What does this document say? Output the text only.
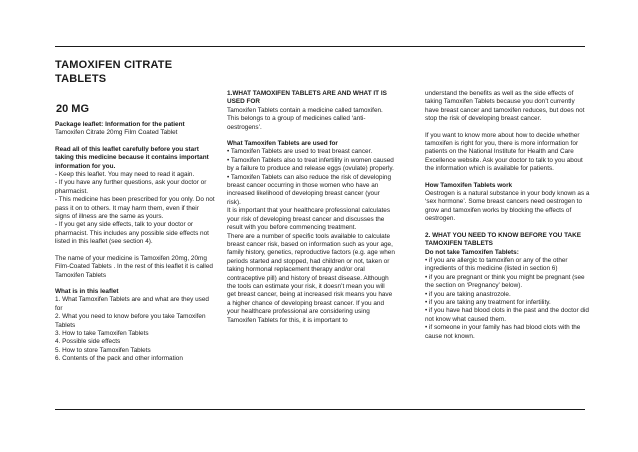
TAMOXIFEN CITRATE
TABLETS
20 MG

Package leaflet: Information for the patient

Tamoxifen Citrate 20mg Film Coated Tablet

Read all of this leaflet carefully before you start taking this medicine because it contains important information for you.

- Keep this leaflet. You may need to read it again.

- If you have any further questions, ask your doctor or pharmacist.

- This medicine has been prescribed for you only. Do not pass it on to others. It may harm them, even if their signs of illness are the same as yours.

- If you get any side effects, talk to your doctor or pharmacist. This includes any possible side effects not listed in this leaflet (see section 4).

The name of your medicine is Tamoxifen 20mg, 20mg Film-Coated Tablets . In the rest of this leaflet it is called Tamoxifen Tablets

What is in this leaflet

1. What Tamoxifen Tablets are and what are they used for

2. What you need to know before you take Tamoxifen Tablets

3. How to take Tamoxifen Tablets

4. Possible side effects

5. How to store Tamoxifen Tablets

6. Contents of the pack and other information

1.WHAT TAMOXIFEN TABLETS ARE AND WHAT IT IS USED FOR

Tamoxifen Tablets contain a medicine called tamoxifen. This belongs to a group of medicines called ‘anti-oestrogens’.

What Tamoxifen Tablets are used for

• Tamoxifen Tablets are used to treat breast cancer.

• Tamoxifen Tablets also to treat infertility in women caused by a failure to produce and release eggs (ovulate) properly.

• Tamoxifen Tablets can also reduce the risk of developing breast cancer occurring in those women who have an increased likelihood of developing breast cancer (your risk).

It is important that your healthcare professional calculates your risk of developing breast cancer and discusses the result with you before commencing treatment.

There are a number of specific tools available to calculate breast cancer risk, based on information such as your age, family history, genetics, reproductive factors (e.g. age when periods started and stopped, had children or not, taken or taking hormonal replacement therapy and/or oral contraceptive pill) and history of breast disease. Although the tools can estimate your risk, it doesn’t mean you will get breast cancer, being at increased risk means you have a higher chance of developing breast cancer. If you and your healthcare professional are considering using Tamoxifen Tablets for this, it is important to

understand the benefits as well as the side effects of taking Tamoxifen Tablets because you don’t currently have breast cancer and tamoxifen reduces, but does not stop the risk of developing breast cancer.

If you want to know more about how to decide whether tamoxifen is right for you, there is more information for patients on the National Institute for Health and Care Excellence website. Ask your doctor to talk to you about the information which is available for patients.

How Tamoxifen Tablets work

Oestrogen is a natural substance in your body known as a ‘sex hormone’. Some breast cancers need oestrogen to grow and tamoxifen works by blocking the effects of oestrogen.

2. WHAT YOU NEED TO KNOW BEFORE YOU TAKE TAMOXIFEN TABLETS

Do not take Tamoxifen Tablets:

• if you are allergic to tamoxifen or any of the other ingredients of this medicine (listed in section 6)

• if you are pregnant or think you might be pregnant (see the section on ‘Pregnancy’ below).

• if you are taking anastrozole.

• if you are taking any treatment for infertility.

• if you have had blood clots in the past and the doctor did not know what caused them.

• if someone in your family has had blood clots with the cause not known.
